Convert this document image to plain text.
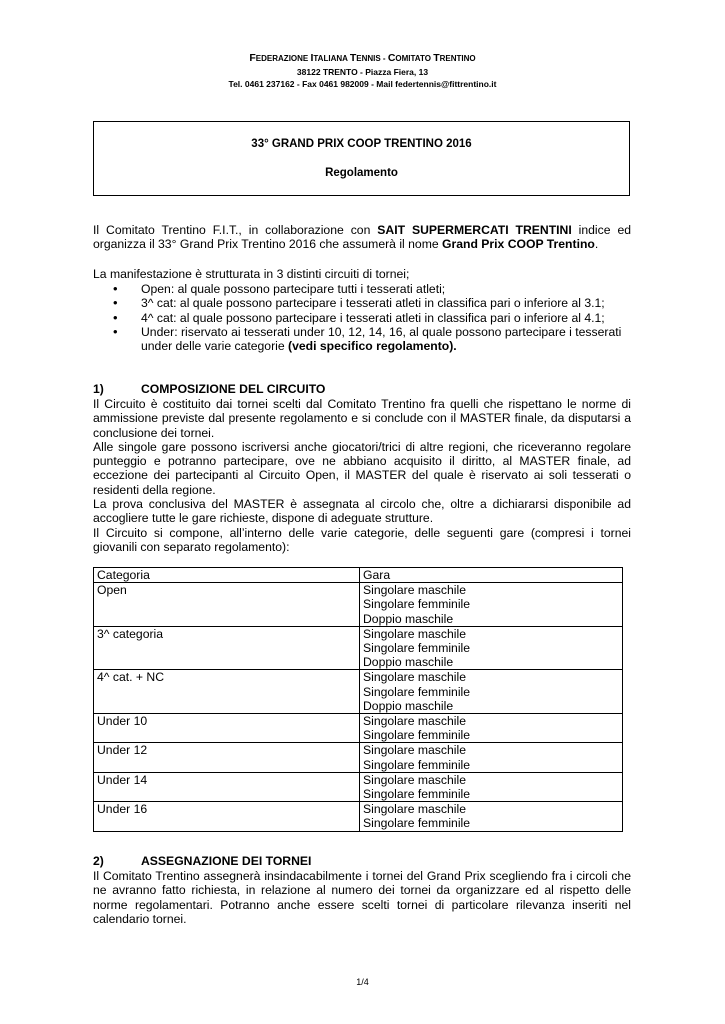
FEDERAZIONE ITALIANA TENNIS - COMITATO TRENTINO
38122 TRENTO - Piazza Fiera, 13
Tel. 0461 237162 - Fax 0461 982009 - Mail federtennis@fittrentino.it
33° GRAND PRIX COOP TRENTINO 2016
Regolamento
Il Comitato Trentino F.I.T., in collaborazione con SAIT SUPERMERCATI TRENTINI indice ed organizza il 33° Grand Prix Trentino 2016 che assumerà il nome Grand Prix COOP Trentino.
La manifestazione è strutturata in 3 distinti circuiti di tornei;
• Open: al quale possono partecipare tutti i tesserati atleti;
• 3^ cat: al quale possono partecipare i tesserati atleti in classifica pari o inferiore al 3.1;
• 4^ cat: al quale possono partecipare i tesserati atleti in classifica pari o inferiore al 4.1;
• Under: riservato ai tesserati under 10, 12, 14, 16, al quale possono partecipare i tesserati under delle varie categorie (vedi specifico regolamento).
1)	COMPOSIZIONE DEL CIRCUITO
Il Circuito è costituito dai tornei scelti dal Comitato Trentino fra quelli che rispettano le norme di ammissione previste dal presente regolamento e si conclude con il MASTER finale, da disputarsi a conclusione dei tornei.
Alle singole gare possono iscriversi anche giocatori/trici di altre regioni, che riceveranno regolare punteggio e potranno partecipare, ove ne abbiano acquisito il diritto, al MASTER finale, ad eccezione dei partecipanti al Circuito Open, il MASTER del quale è riservato ai soli tesserati o residenti della regione.
La prova conclusiva del MASTER è assegnata al circolo che, oltre a dichiararsi disponibile ad accogliere tutte le gare richieste, dispone di adeguate strutture.
Il Circuito si compone, allʼinterno delle varie categorie, delle seguenti gare (compresi i tornei giovanili con separato regolamento):
Categoria	Gara
Open	Singolare maschile
Singolare femminile
Doppio maschile

3^ categoria	Singolare maschile
Singolare femminile
Doppio maschile

4^ cat. + NC	Singolare maschile
Singolare femminile
Doppio maschile

Under 10	Singolare maschile
Singolare femminile

Under 12	Singolare maschile
Singolare femminile

Under 14	Singolare maschile
Singolare femminile

Under 16	Singolare maschile
Singolare femminile
2)	ASSEGNAZIONE DEI TORNEI
Il Comitato Trentino assegnerà insindacabilmente i tornei del Grand Prix scegliendo fra i circoli che ne avranno fatto richiesta, in relazione al numero dei tornei da organizzare ed al rispetto delle norme regolamentari. Potranno anche essere scelti tornei di particolare rilevanza inseriti nel calendario tornei.
1/4
